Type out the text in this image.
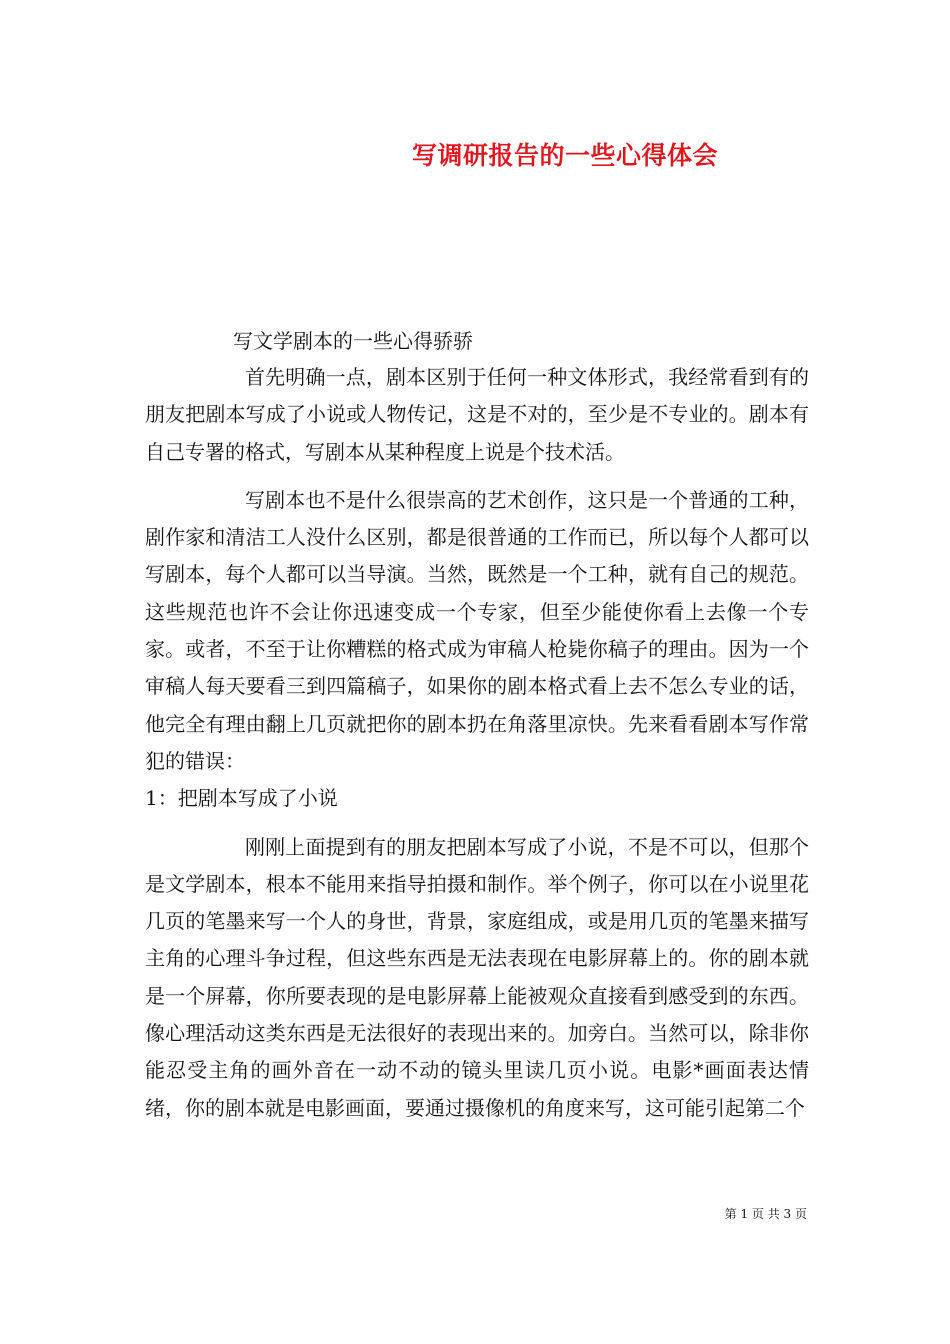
写调研报告的一些心得体会

写文学剧本的一些心得骄骄

首先明确一点，剧本区别于任何一种文体形式，我经常看到有的朋友把剧本写成了小说或人物传记，这是不对的，至少是不专业的。剧本有自己专署的格式，写剧本从某种程度上说是个技术活。

写剧本也不是什么很崇高的艺术创作，这只是一个普通的工种，剧作家和清洁工人没什么区别，都是很普通的工作而已，所以每个人都可以写剧本，每个人都可以当导演。当然，既然是一个工种，就有自己的规范。这些规范也许不会让你迅速变成一个专家，但至少能使你看上去像一个专家。或者，不至于让你糟糕的格式成为审稿人枪毙你稿子的理由。因为一个审稿人每天要看三到四篇稿子，如果你的剧本格式看上去不怎么专业的话，他完全有理由翻上几页就把你的剧本扔在角落里凉快。先来看看剧本写作常犯的错误：

1：把剧本写成了小说

刚刚上面提到有的朋友把剧本写成了小说，不是不可以，但那个是文学剧本，根本不能用来指导拍摄和制作。举个例子，你可以在小说里花几页的笔墨来写一个人的身世，背景，家庭组成，或是用几页的笔墨来描写主角的心理斗争过程，但这些东西是无法表现在电影屏幕上的。你的剧本就是一个屏幕，你所要表现的是电影屏幕上能被观众直接看到感受到的东西。像心理活动这类东西是无法很好的表现出来的。加旁白。当然可以，除非你能忍受主角的画外音在一动不动的镜头里读几页小说。电影*画面表达情绪，你的剧本就是电影画面，要通过摄像机的角度来写，这可能引起第二个

第 1 页 共 3 页
